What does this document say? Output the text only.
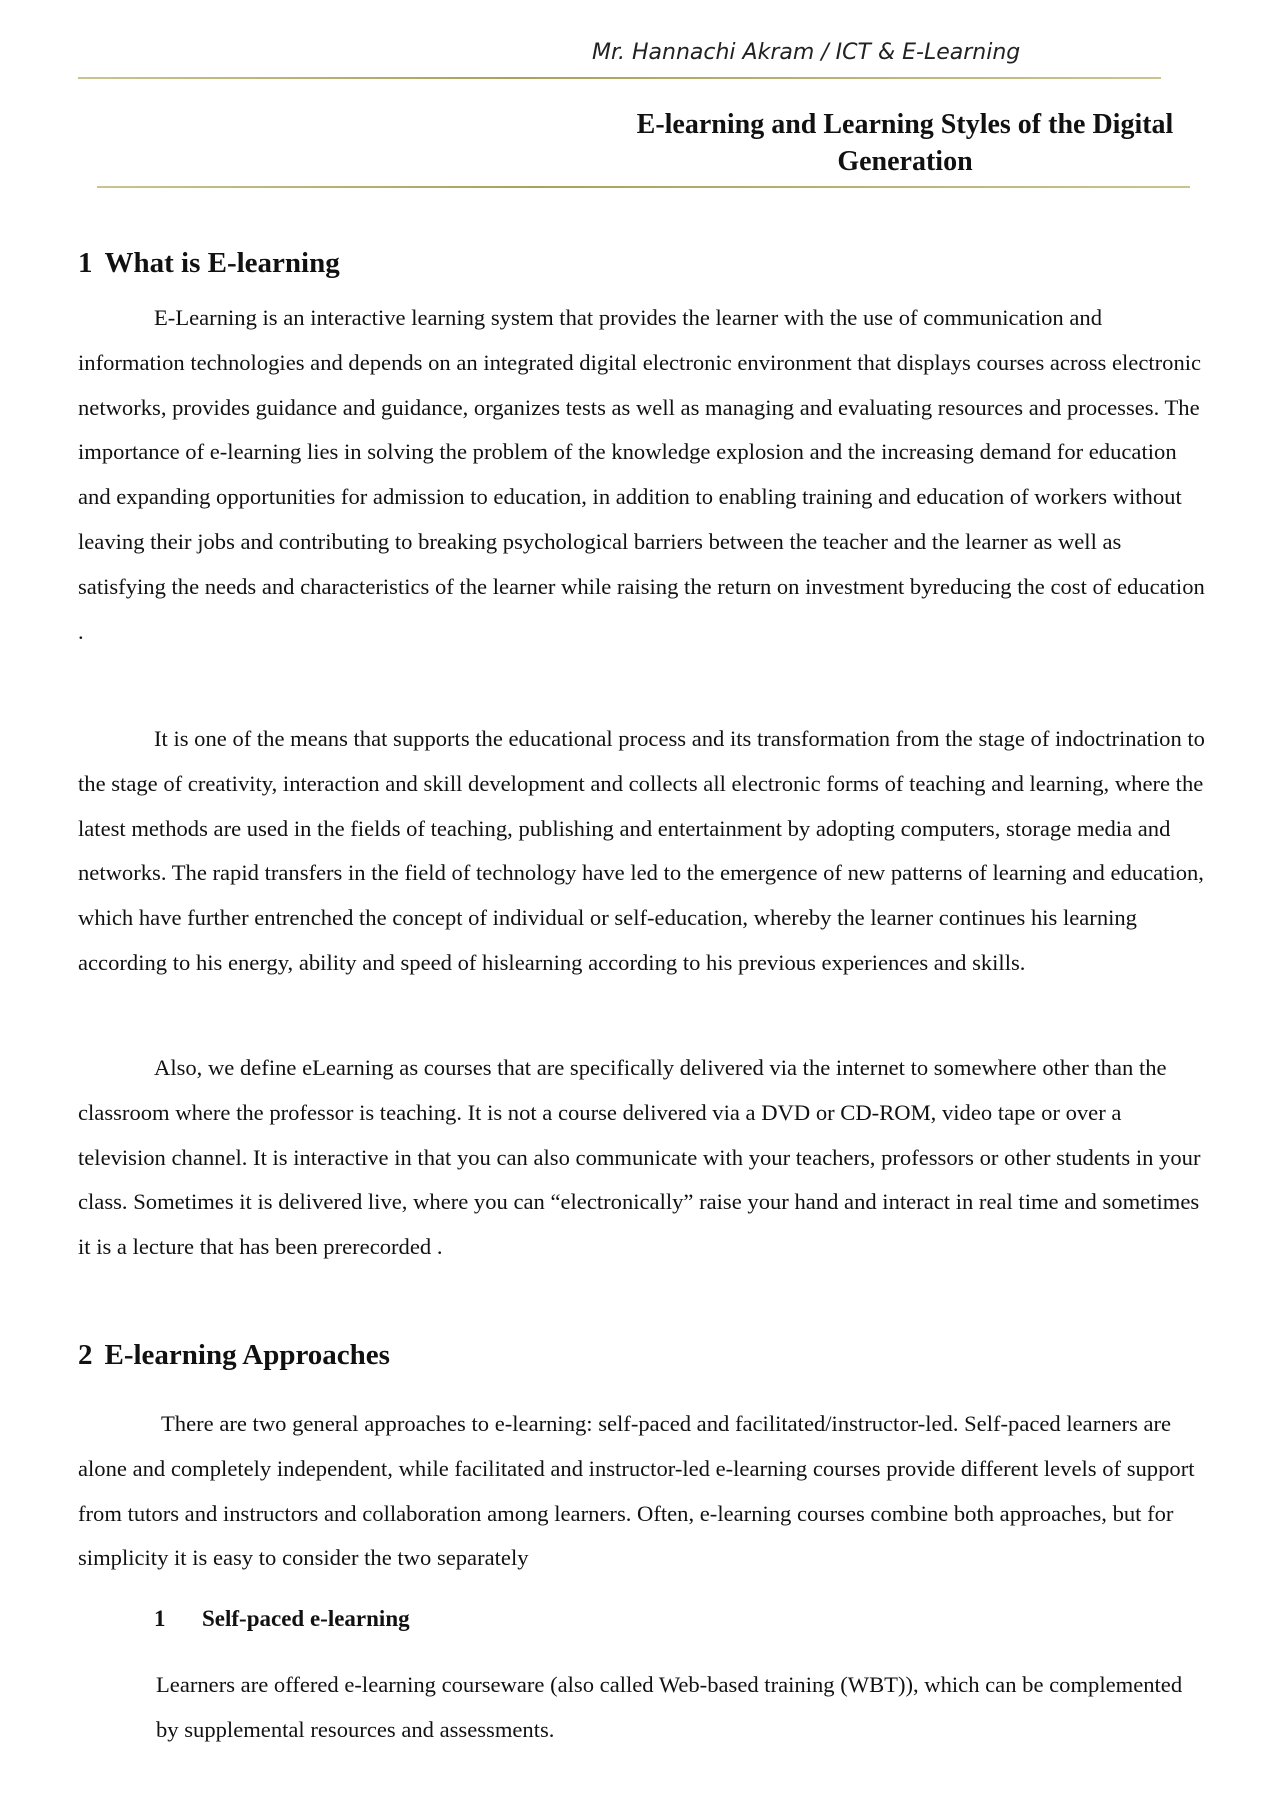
Mr. Hannachi Akram / ICT & E-Learning
E-learning and Learning Styles of the Digital Generation
1 What is E-learning

E-Learning is an interactive learning system that provides the learner with the use of communication and information technologies and depends on an integrated digital electronic environment that displays courses across electronic networks, provides guidance and guidance, organizes tests as well as managing and evaluating resources and processes. The importance of e-learning lies in solving the problem of the knowledge explosion and the increasing demand for education and expanding opportunities for admission to education, in addition to enabling training and education of workers without leaving their jobs and contributing to breaking psychological barriers between the teacher and the learner as well as satisfying the needs and characteristics of the learner while raising the return on investment byreducing the cost of education .

It is one of the means that supports the educational process and its transformation from the stage of indoctrination to the stage of creativity, interaction and skill development and collects all electronic forms of teaching and learning, where the latest methods are used in the fields of teaching, publishing and entertainment by adopting computers, storage media and networks. The rapid transfers in the field of technology have led to the emergence of new patterns of learning and education, which have further entrenched the concept of individual or self-education, whereby the learner continues his learning according to his energy, ability and speed of hislearning according to his previous experiences and skills.

Also, we define eLearning as courses that are specifically delivered via the internet to somewhere other than the classroom where the professor is teaching. It is not a course delivered via a DVD or CD-ROM, video tape or over a television channel. It is interactive in that you can also communicate with your teachers, professors or other students in your class. Sometimes it is delivered live, where you can “electronically” raise your hand and interact in real time and sometimes it is a lecture that has been prerecorded .

2 E-learning Approaches

There are two general approaches to e-learning: self-paced and facilitated/instructor-led. Self-paced learners are alone and completely independent, while facilitated and instructor-led e-learning courses provide different levels of support from tutors and instructors and collaboration among learners. Often, e-learning courses combine both approaches, but for simplicity it is easy to consider the two separately

1 Self-paced e-learning

Learners are offered e-learning courseware (also called Web-based training (WBT)), which can be complemented by supplemental resources and assessments.
